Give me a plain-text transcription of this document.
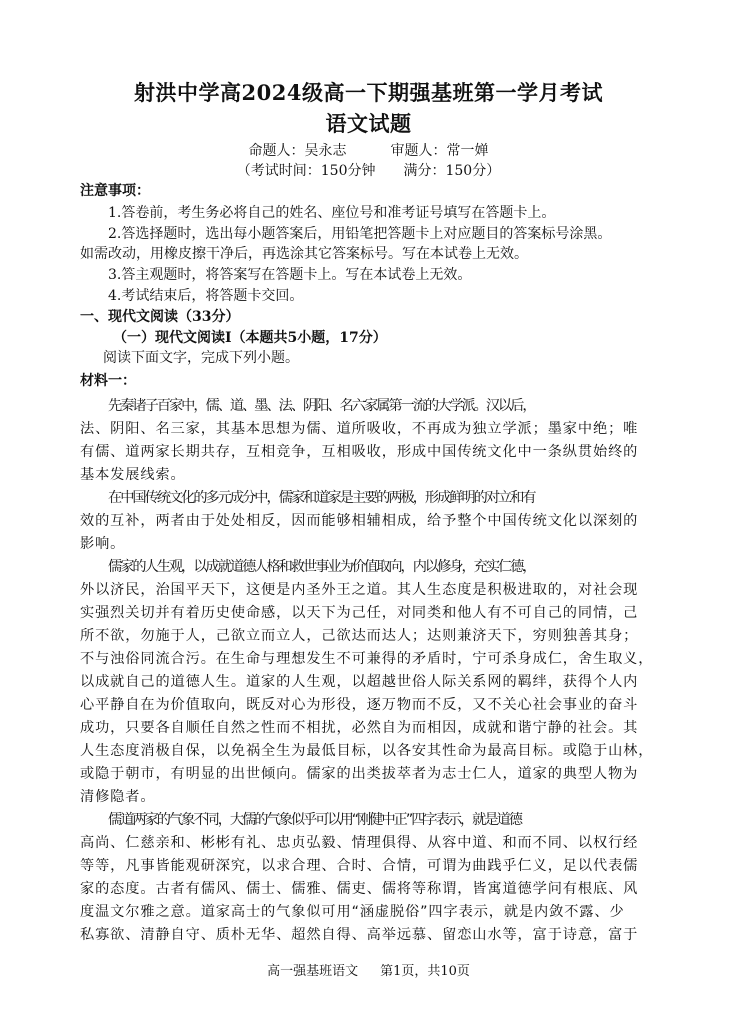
射洪中学高2024级高一下期强基班第一学月考试
语文试题
命题人：吴永志	审题人：常一婵
（考试时间：150分钟　　满分：150分）
注意事项：
1.答卷前，考生务必将自己的姓名、座位号和准考证号填写在答题卡上。
2.答选择题时，选出每小题答案后，用铅笔把答题卡上对应题目的答案标号涂黑。
如需改动，用橡皮擦干净后，再选涂其它答案标号。写在本试卷上无效。
3.答主观题时，将答案写在答题卡上。写在本试卷上无效。
4.考试结束后，将答题卡交回。
一、现代文阅读（33分）
（一）现代文阅读Ⅰ（本题共5小题，17分）
阅读下面文字，完成下列小题。
材料一：
先秦诸子百家中，儒、道、墨、法、阴阳、名六家属第一流的大学派。汉以后，
法、阴阳、名三家，其基本思想为儒、道所吸收，不再成为独立学派；墨家中绝；唯
有儒、道两家长期共存，互相竞争，互相吸收，形成中国传统文化中一条纵贯始终的
基本发展线索。
在中国传统文化的多元成分中，儒家和道家是主要的两极，形成鲜明的对立和有
效的互补，两者由于处处相反，因而能够相辅相成，给予整个中国传统文化以深刻的
影响。
儒家的人生观，以成就道德人格和救世事业为价值取向，内以修身，充实仁德，
外以济民，治国平天下，这便是内圣外王之道。其人生态度是积极进取的，对社会现
实强烈关切并有着历史使命感，以天下为己任，对同类和他人有不可自己的同情，己
所不欲，勿施于人，己欲立而立人，己欲达而达人；达则兼济天下，穷则独善其身；
不与浊俗同流合污。在生命与理想发生不可兼得的矛盾时，宁可杀身成仁，舍生取义，
以成就自己的道德人生。道家的人生观，以超越世俗人际关系网的羁绊，获得个人内
心平静自在为价值取向，既反对心为形役，逐万物而不反，又不关心社会事业的奋斗
成功，只要各自顺任自然之性而不相扰，必然自为而相因，成就和谐宁静的社会。其
人生态度消极自保，以免祸全生为最低目标，以各安其性命为最高目标。或隐于山林，
或隐于朝市，有明显的出世倾向。儒家的出类拔萃者为志士仁人，道家的典型人物为
清修隐者。
儒道两家的气象不同，大儒的气象似乎可以用“刚健中正”四字表示，就是道德
高尚、仁慈亲和、彬彬有礼、忠贞弘毅、情理俱得、从容中道、和而不同、以权行经
等等，凡事皆能观研深究，以求合理、合时、合情，可谓为曲践乎仁义，足以代表儒
家的态度。古者有儒风、儒士、儒雅、儒吏、儒将等称谓，皆寓道德学问有根底、风
度温文尔雅之意。道家高士的气象似可用“涵虚脱俗”四字表示，就是内敛不露、少
私寡欲、清静自守、质朴无华、超然自得、高举远慕、留恋山水等，富于诗意，富于
高一强基班语文 第1页，共10页
